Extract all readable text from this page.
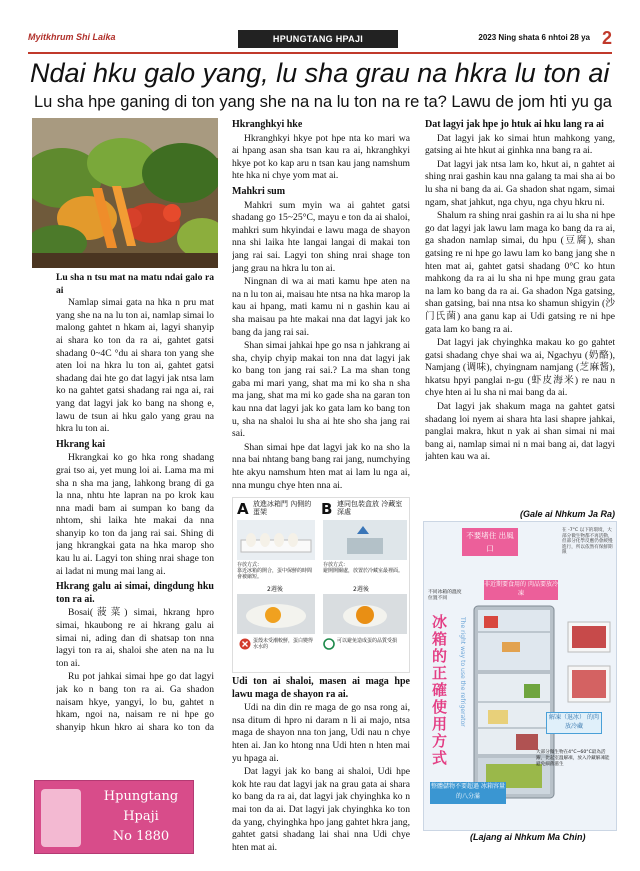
Myitkhrum Shi Laika	HPUNGTANG HPAJI	2023 Ning shata 6 nhtoi 28 ya 2
Ndai hku galo yang, lu sha grau na hkra lu ton ai
Lu sha hpe ganing di ton yang she na na lu ton na re ta? Lawu de jom hti yu ga
Lu sha n tsu mat na matu ndai galo ra ai

Namlap simai gata na hka n pru mat yang she na na lu ton ai, namlap simai lo malong gahtet n hkam ai, lagyi shanyip ai shara ko ton da ra ai, gahtet gatsi shadang 0~4C °du ai shara ton yang she aten loi na hkra lu ton ai, gahtet gatsi shadang dai hte go dat lagyi jak ntsa lam ko na gahtet gatsi shadang rai nga ai, rai yang dat lagyi jak ko bang na shong e, lawu de tsun ai hku galo yang grau na hkra lu ton ai.

Hkrang kai

Hkrangkai ko go hka rong shadang grai tso ai, yet mung loi ai. Lama ma mi sha n sha ma jang, lahkong brang di ga la nna, nhtu hte lapran na po krok kau nna madi bam ai sumpan ko bang da nhtom, shi laika hte makai da nna shanyip ko ton da jang rai sai. Shing di jang hkrangkai gata na hka marop sho kau lu ai. Lagyi ton shing nrai shage ton ai ladat ni mung mai lang ai.

Hkrang galu ai simai, dingdung hku ton ra ai.

Bosai(菠菜) simai, hkrang hpro simai, hkaubong re ai hkrang galu ai simai ni, ading dan di shatsap ton nna lagyi ton ra ai, shaloi she aten na na lu ton ai.

Ru pot jahkai simai hpe go dat lagyi jak ko n bang ton ra ai. Ga shadon naisam hkye, yangyi, lo bu, gahtet n hkam, ngoi na, naisam re ni hpe go shanyip hkun hkro ai shara ko ton da

Hkranghkyi hke

Hkranghkyi hkye pot hpe nta ko mari wa ai hpang asan sha tsan kau ra ai, hkranghkyi hkye pot ko kap aru n tsan kau jang namshum hte hka ni chye yom mat ai.

Mahkri sum

Mahkri sum myin wa ai gahtet gatsi shadang go 15~25°C, mayu e ton da ai shaloi, mahkri sum hkyindai e lawu maga de shayon nna shi laika hte langai langai di makai ton jang rai sai. Lagyi ton shing nrai shage ton jang grau na hkra lu ton ai.

Ningnan di wa ai mati kamu hpe aten na na n lu ton ai, maisau hte ntsa na hka marop la kau ai hpang, mati kamu ni n gashin kau ai sha maisau pa hte makai nna dat lagyi jak ko bang da jang rai sai.

Shan simai jahkai hpe go nsa n jahkrang ai sha, chyip chyip makai ton nna dat lagyi jak ko bang ton jang rai sai.? La ma shan tong gaba mi mari yang, shat ma mi ko sha n sha ma jang, shat ma mi ko gade sha na garan ton kau nna dat lagyi jak ko gata lam ko bang ton u, sha na shaloi lu sha ai hte sho sha jang rai sai.

Shan simai hpe dat lagyi jak ko na sho la nna bai nhtang bang bang rai jang, numchying hte akyu namshum hten mat ai lam lu nga ai, nna mungu chye hten nna ai.

A 放進冰箱門 內側的蛋架	B 連同包裝盒放 冷藏室深處
存放方式：
靠近冰箱的開合，蛋中保鮮的時間會被縮短。
存放方式：
避開開關處，放置於冷藏室最裡面。
2週後	2週後
蛋殼未受潮較鮮，蛋白變得水水的
可以避免造成蛋的品質受損
Udi ton ai shaloi, masen ai maga hpe lawu maga de shayon ra ai.

Udi na din din re maga de go nsa rong ai, nsa ditum di hpro ni daram n li ai majo, ntsa maga de shayon nna ton jang, Udi nau n chye hten ai. Jan ko htong nna Udi hten n hten mai yu hpaga ai.

Dat lagyi jak ko bang ai shaloi, Udi hpe kok hte rau dat lagyi jak na grau gata ai shara ko bang da ra ai, dat lagyi jak chyinghka ko n mai ton da ai. Dat lagyi jak chyinghka ko ton da yang, chyinghka hpo jang gahtet hkra jang, gahtet gatsi shadang lai shai nna Udi chye hten mat ai.

Dat lagyi jak hpe jo htuk ai hku lang ra ai

Dat lagyi jak ko simai htun mahkong yang, gatsing ai hte hkut ai ginhka nna bang ra ai.

Dat lagyi jak ntsa lam ko, hkut ai, n gahtet ai shing nrai gashin kau nna galang ta mai sha ai bo lu sha ni bang da ai. Ga shadon shat ngam, simai ngam, shat jahkut, nga chyu, nga chyu hkru ni.

Shalum ra shing nrai gashin ra ai lu sha ni hpe go dat lagyi jak lawu lam maga ko bang da ra ai, ga shadon namlap simai, du hpu (豆腐), shan gatsing re ni hpe go lawu lam ko bang jang she n hten mat ai, gahtet gatsi shadang 0°C ko htun mahkong da ra ai lu sha ni hpe mung grau gata na lam ko bang da ra ai. Ga shadon Nga gatsing, shan gatsing, bai nna ntsa ko shamun shigyin (沙门氏菌) ana ganu kap ai Udi gatsing re ni hpe gata lam ko bang ra ai.

Dat lagyi jak chyinghka makau ko go gahtet gatsi shadang chye shai wa ai, Ngachyu (奶酪), Namjang (调味), chyingnam namjang (芝麻酱), hkatsu hpyi panglai n-gu (虾皮海米) re nau n chye hten ai lu sha ni mai bang da ai.

Dat lagyi jak shakum maga na gahtet gatsi shadang loi nyem ai shara hta lasi shapre jahkai, panglai makra, hkut n yak ai shan simai ni mai bang ai, namlap simai ni n mai bang ai, dat lagyi jahten kau wa ai.

(Gale ai Nhkum Ja Ra)
不要堵住 出風口
在 -7°C 以下的環境，大部分微生物都不再活動，但部分化學反應仍會緩慢進行，所以依然有保鮮期限
非近期要食用的 肉品要放冷凍
不同冰箱的溫度位置不同
冰箱的正確使用方式
The right way to use the refrigerator	解凍（退冰） 的肉放冷藏
整體儲物不要超過 冰箱容量的八分滿
大部分微生物在4°C~60°C最為活躍，比起室溫解凍，放入冷藏解凍能避免細菌滋生
(Lajang ai Nhkum Ma Chin)
Hpungtang
Hpaji
No 1880
